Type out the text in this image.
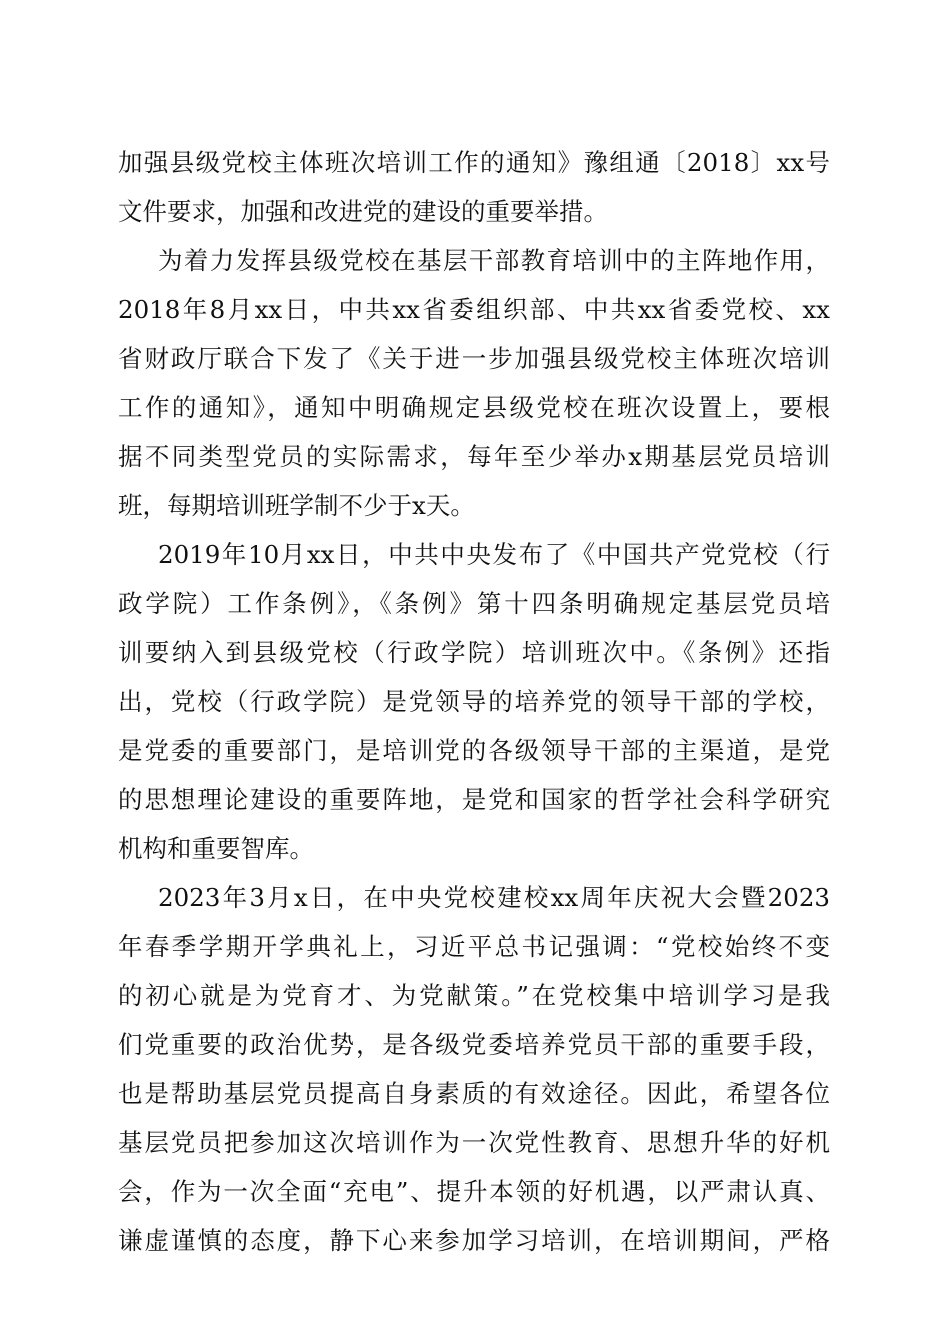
加强县级党校主体班次培训工作的通知》豫组通〔2018〕xx号
文件要求，加强和改进党的建设的重要举措。
为着力发挥县级党校在基层干部教育培训中的主阵地作用，
2018年8月xx日，中共xx省委组织部、中共xx省委党校、xx
省财政厅联合下发了《关于进一步加强县级党校主体班次培训
工作的通知》，通知中明确规定县级党校在班次设置上，要根
据不同类型党员的实际需求，每年至少举办x期基层党员培训
班，每期培训班学制不少于x天。
2019年10月xx日，中共中央发布了《中国共产党党校（行
政学院）工作条例》，《条例》第十四条明确规定基层党员培
训要纳入到县级党校（行政学院）培训班次中。《条例》还指
出，党校（行政学院）是党领导的培养党的领导干部的学校，
是党委的重要部门，是培训党的各级领导干部的主渠道，是党
的思想理论建设的重要阵地，是党和国家的哲学社会科学研究
机构和重要智库。
2023年3月x日，在中央党校建校xx周年庆祝大会暨2023
年春季学期开学典礼上，习近平总书记强调：“党校始终不变
的初心就是为党育才、为党献策。”在党校集中培训学习是我
们党重要的政治优势，是各级党委培养党员干部的重要手段，
也是帮助基层党员提高自身素质的有效途径。因此，希望各位
基层党员把参加这次培训作为一次党性教育、思想升华的好机
会，作为一次全面“充电”、提升本领的好机遇，以严肃认真、
谦虚谨慎的态度，静下心来参加学习培训，在培训期间，严格
